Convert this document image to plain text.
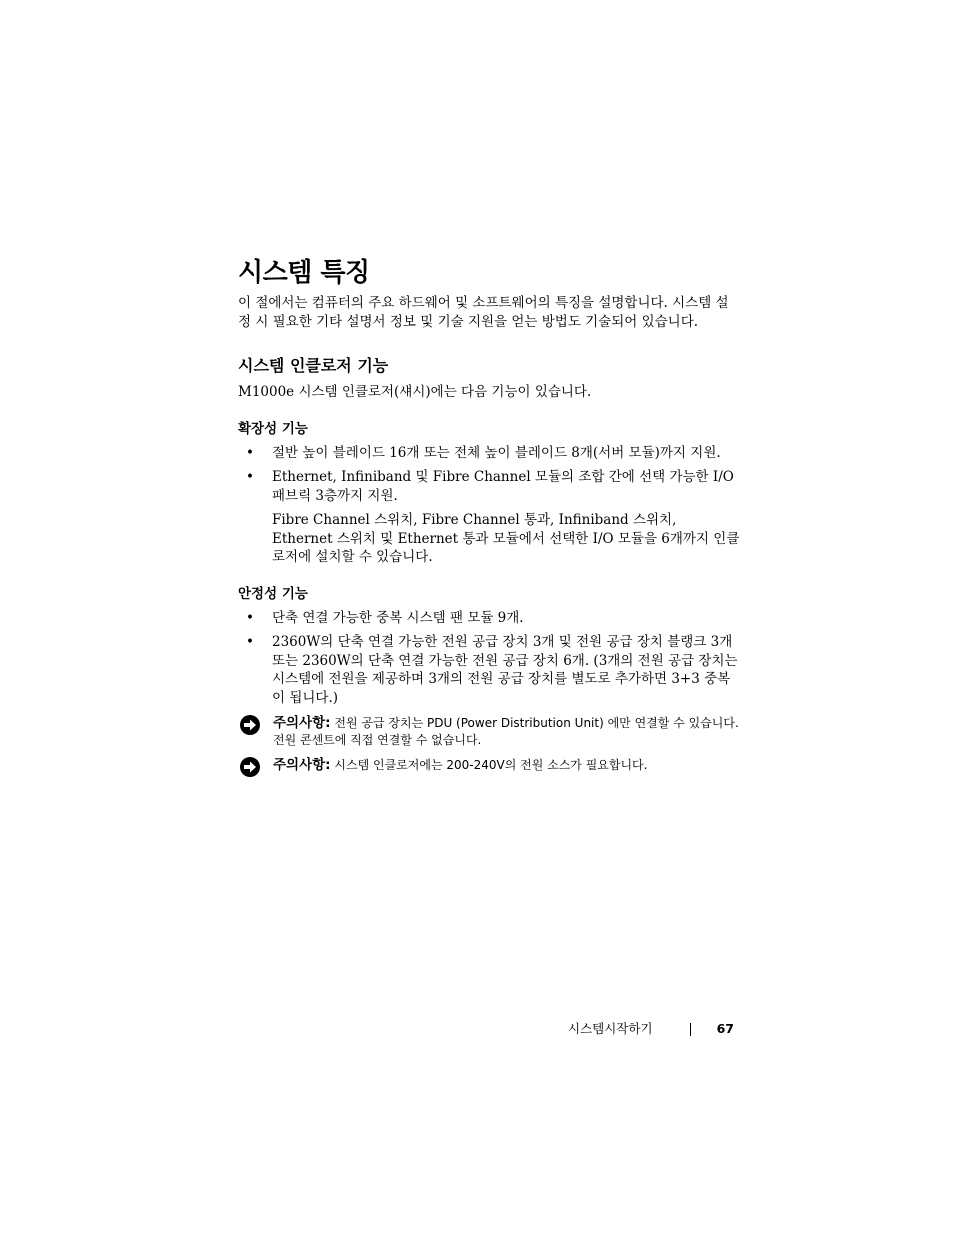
시스템 특징

이 절에서는 컴퓨터의 주요 하드웨어 및 소프트웨어의 특징을 설명합니다. 시스템 설정 시 필요한 기타 설명서 정보 및 기술 지원을 얻는 방법도 기술되어 있습니다.

시스템 인클로저 기능

M1000e 시스템 인클로저(섀시)에는 다음 기능이 있습니다.

확장성 기능
• 절반 높이 블레이드 16개 또는 전체 높이 블레이드 8개(서버 모듈)까지 지원.
• Ethernet, Infiniband 및 Fibre Channel 모듈의 조합 간에 선택 가능한 I/O 패브릭 3층까지 지원.

Fibre Channel 스위치, Fibre Channel 통과, Infiniband 스위치, Ethernet 스위치 및 Ethernet 통과 모듈에서 선택한 I/O 모듈을 6개까지 인클로저에 설치할 수 있습니다.

안정성 기능
• 단축 연결 가능한 중복 시스템 팬 모듈 9개.
• 2360W의 단축 연결 가능한 전원 공급 장치 3개 및 전원 공급 장치 블랭크 3개 또는 2360W의 단축 연결 가능한 전원 공급 장치 6개. (3개의 전원 공급 장치는 시스템에 전원을 제공하며 3개의 전원 공급 장치를 별도로 추가하면 3+3 중복이 됩니다.)
주의사항: 전원 공급 장치는 PDU (Power Distribution Unit) 에만 연결할 수 있습니다. 전원 콘센트에 직접 연결할 수 없습니다.
주의사항: 시스템 인클로저에는 200-240V의 전원 소스가 필요합니다.
시스템시작하기	67
